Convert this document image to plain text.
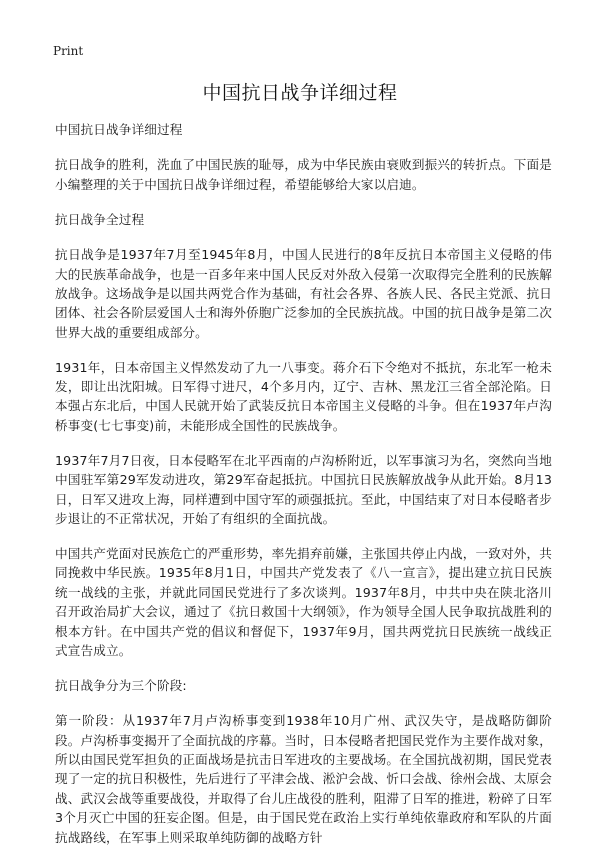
Print
中国抗日战争详细过程

中国抗日战争详细过程

抗日战争的胜利，洗血了中国民族的耻辱，成为中华民族由衰败到振兴的转折点。下面是小编整理的关于中国抗日战争详细过程，希望能够给大家以启迪。

抗日战争全过程

抗日战争是1937年7月至1945年8月，中国人民进行的8年反抗日本帝国主义侵略的伟大的民族革命战争，也是一百多年来中国人民反对外敌入侵第一次取得完全胜利的民族解放战争。这场战争是以国共两党合作为基础，有社会各界、各族人民、各民主党派、抗日团体、社会各阶层爱国人士和海外侨胞广泛参加的全民族抗战。中国的抗日战争是第二次世界大战的重要组成部分。

1931年，日本帝国主义悍然发动了九一八事变。蒋介石下令绝对不抵抗，东北军一枪未发，即让出沈阳城。日军得寸进尺，4个多月内，辽宁、吉林、黑龙江三省全部沦陷。日本强占东北后，中国人民就开始了武装反抗日本帝国主义侵略的斗争。但在1937年卢沟桥事变(七七事变)前，未能形成全国性的民族战争。

1937年7月7日夜，日本侵略军在北平西南的卢沟桥附近，以军事演习为名，突然向当地中国驻军第29军发动进攻，第29军奋起抵抗。中国抗日民族解放战争从此开始。8月13日，日军又进攻上海，同样遭到中国守军的顽强抵抗。至此，中国结束了对日本侵略者步步退让的不正常状况，开始了有组织的全面抗战。

中国共产党面对民族危亡的严重形势，率先捐弃前嫌，主张国共停止内战，一致对外，共同挽救中华民族。1935年8月1日，中国共产党发表了《八一宣言》，提出建立抗日民族统一战线的主张，并就此同国民党进行了多次谈判。1937年8月，中共中央在陕北洛川召开政治局扩大会议，通过了《抗日救国十大纲领》，作为领导全国人民争取抗战胜利的根本方针。在中国共产党的倡议和督促下，1937年9月，国共两党抗日民族统一战线正式宣告成立。

抗日战争分为三个阶段:

第一阶段：从1937年7月卢沟桥事变到1938年10月广州、武汉失守，是战略防御阶段。卢沟桥事变揭开了全面抗战的序幕。当时，日本侵略者把国民党作为主要作战对象，所以由国民党军担负的正面战场是抗击日军进攻的主要战场。在全国抗战初期，国民党表现了一定的抗日积极性，先后进行了平津会战、淞沪会战、忻口会战、徐州会战、太原会战、武汉会战等重要战役，并取得了台儿庄战役的胜利，阻滞了日军的推进，粉碎了日军3个月灭亡中国的狂妄企图。但是，由于国民党在政治上实行单纯依靠政府和军队的片面抗战路线，在军事上则采取单纯防御的战略方针
